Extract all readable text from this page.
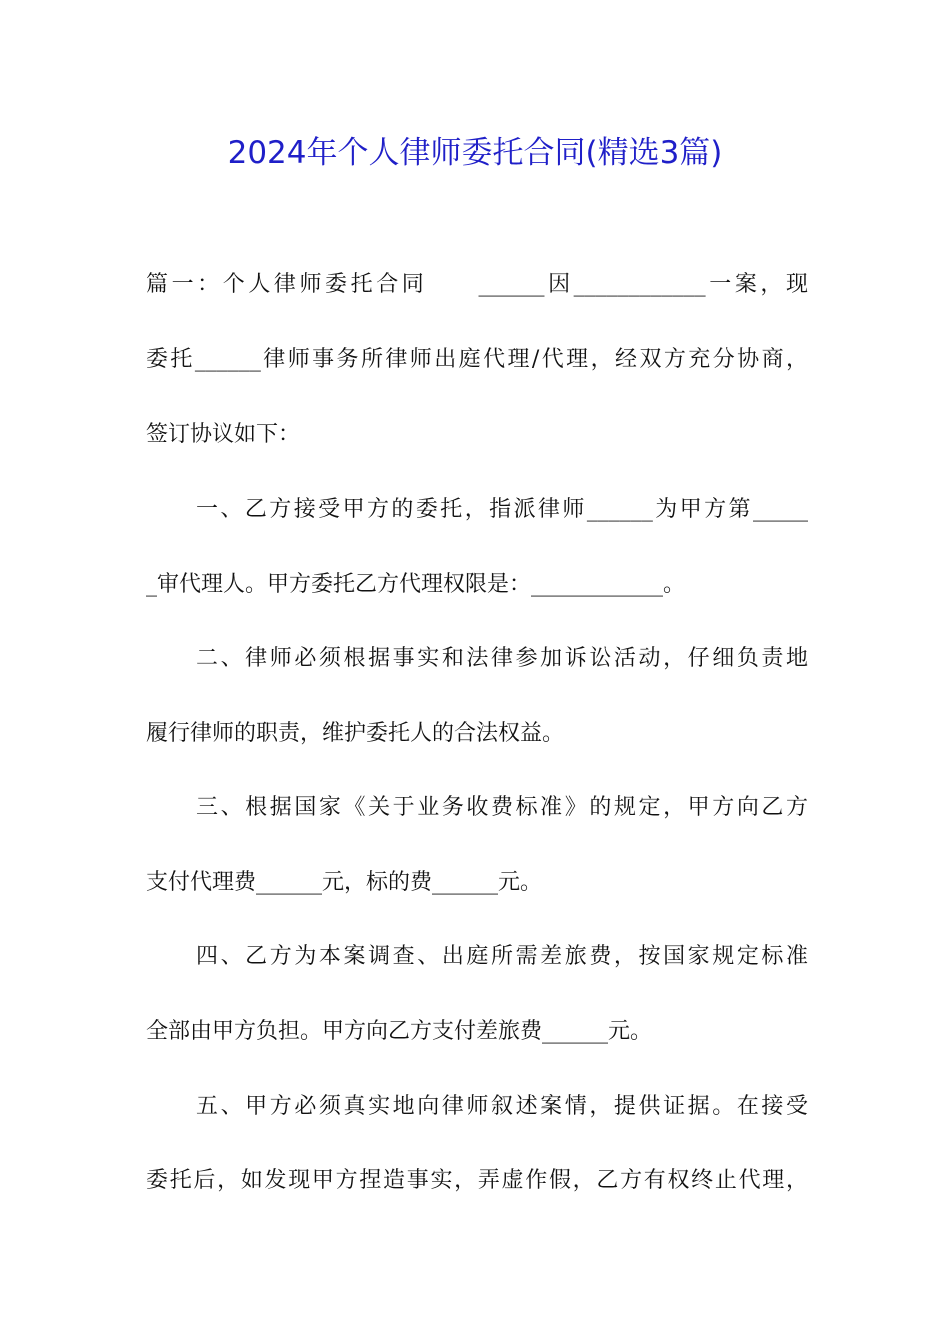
2024年个人律师委托合同(精选3篇)
篇一：个人律师委托合同　　______因____________一案，现
委托______律师事务所律师出庭代理/代理，经双方充分协商，
签订协议如下：
一、乙方接受甲方的委托，指派律师______为甲方第_____
_审代理人。甲方委托乙方代理权限是：____________。
二、律师必须根据事实和法律参加诉讼活动，仔细负责地
履行律师的职责，维护委托人的合法权益。
三、根据国家《关于业务收费标准》的规定，甲方向乙方
支付代理费______元，标的费______元。
四、乙方为本案调查、出庭所需差旅费，按国家规定标准
全部由甲方负担。甲方向乙方支付差旅费______元。
五、甲方必须真实地向律师叙述案情，提供证据。在接受
委托后，如发现甲方捏造事实，弄虚作假，乙方有权终止代理，
